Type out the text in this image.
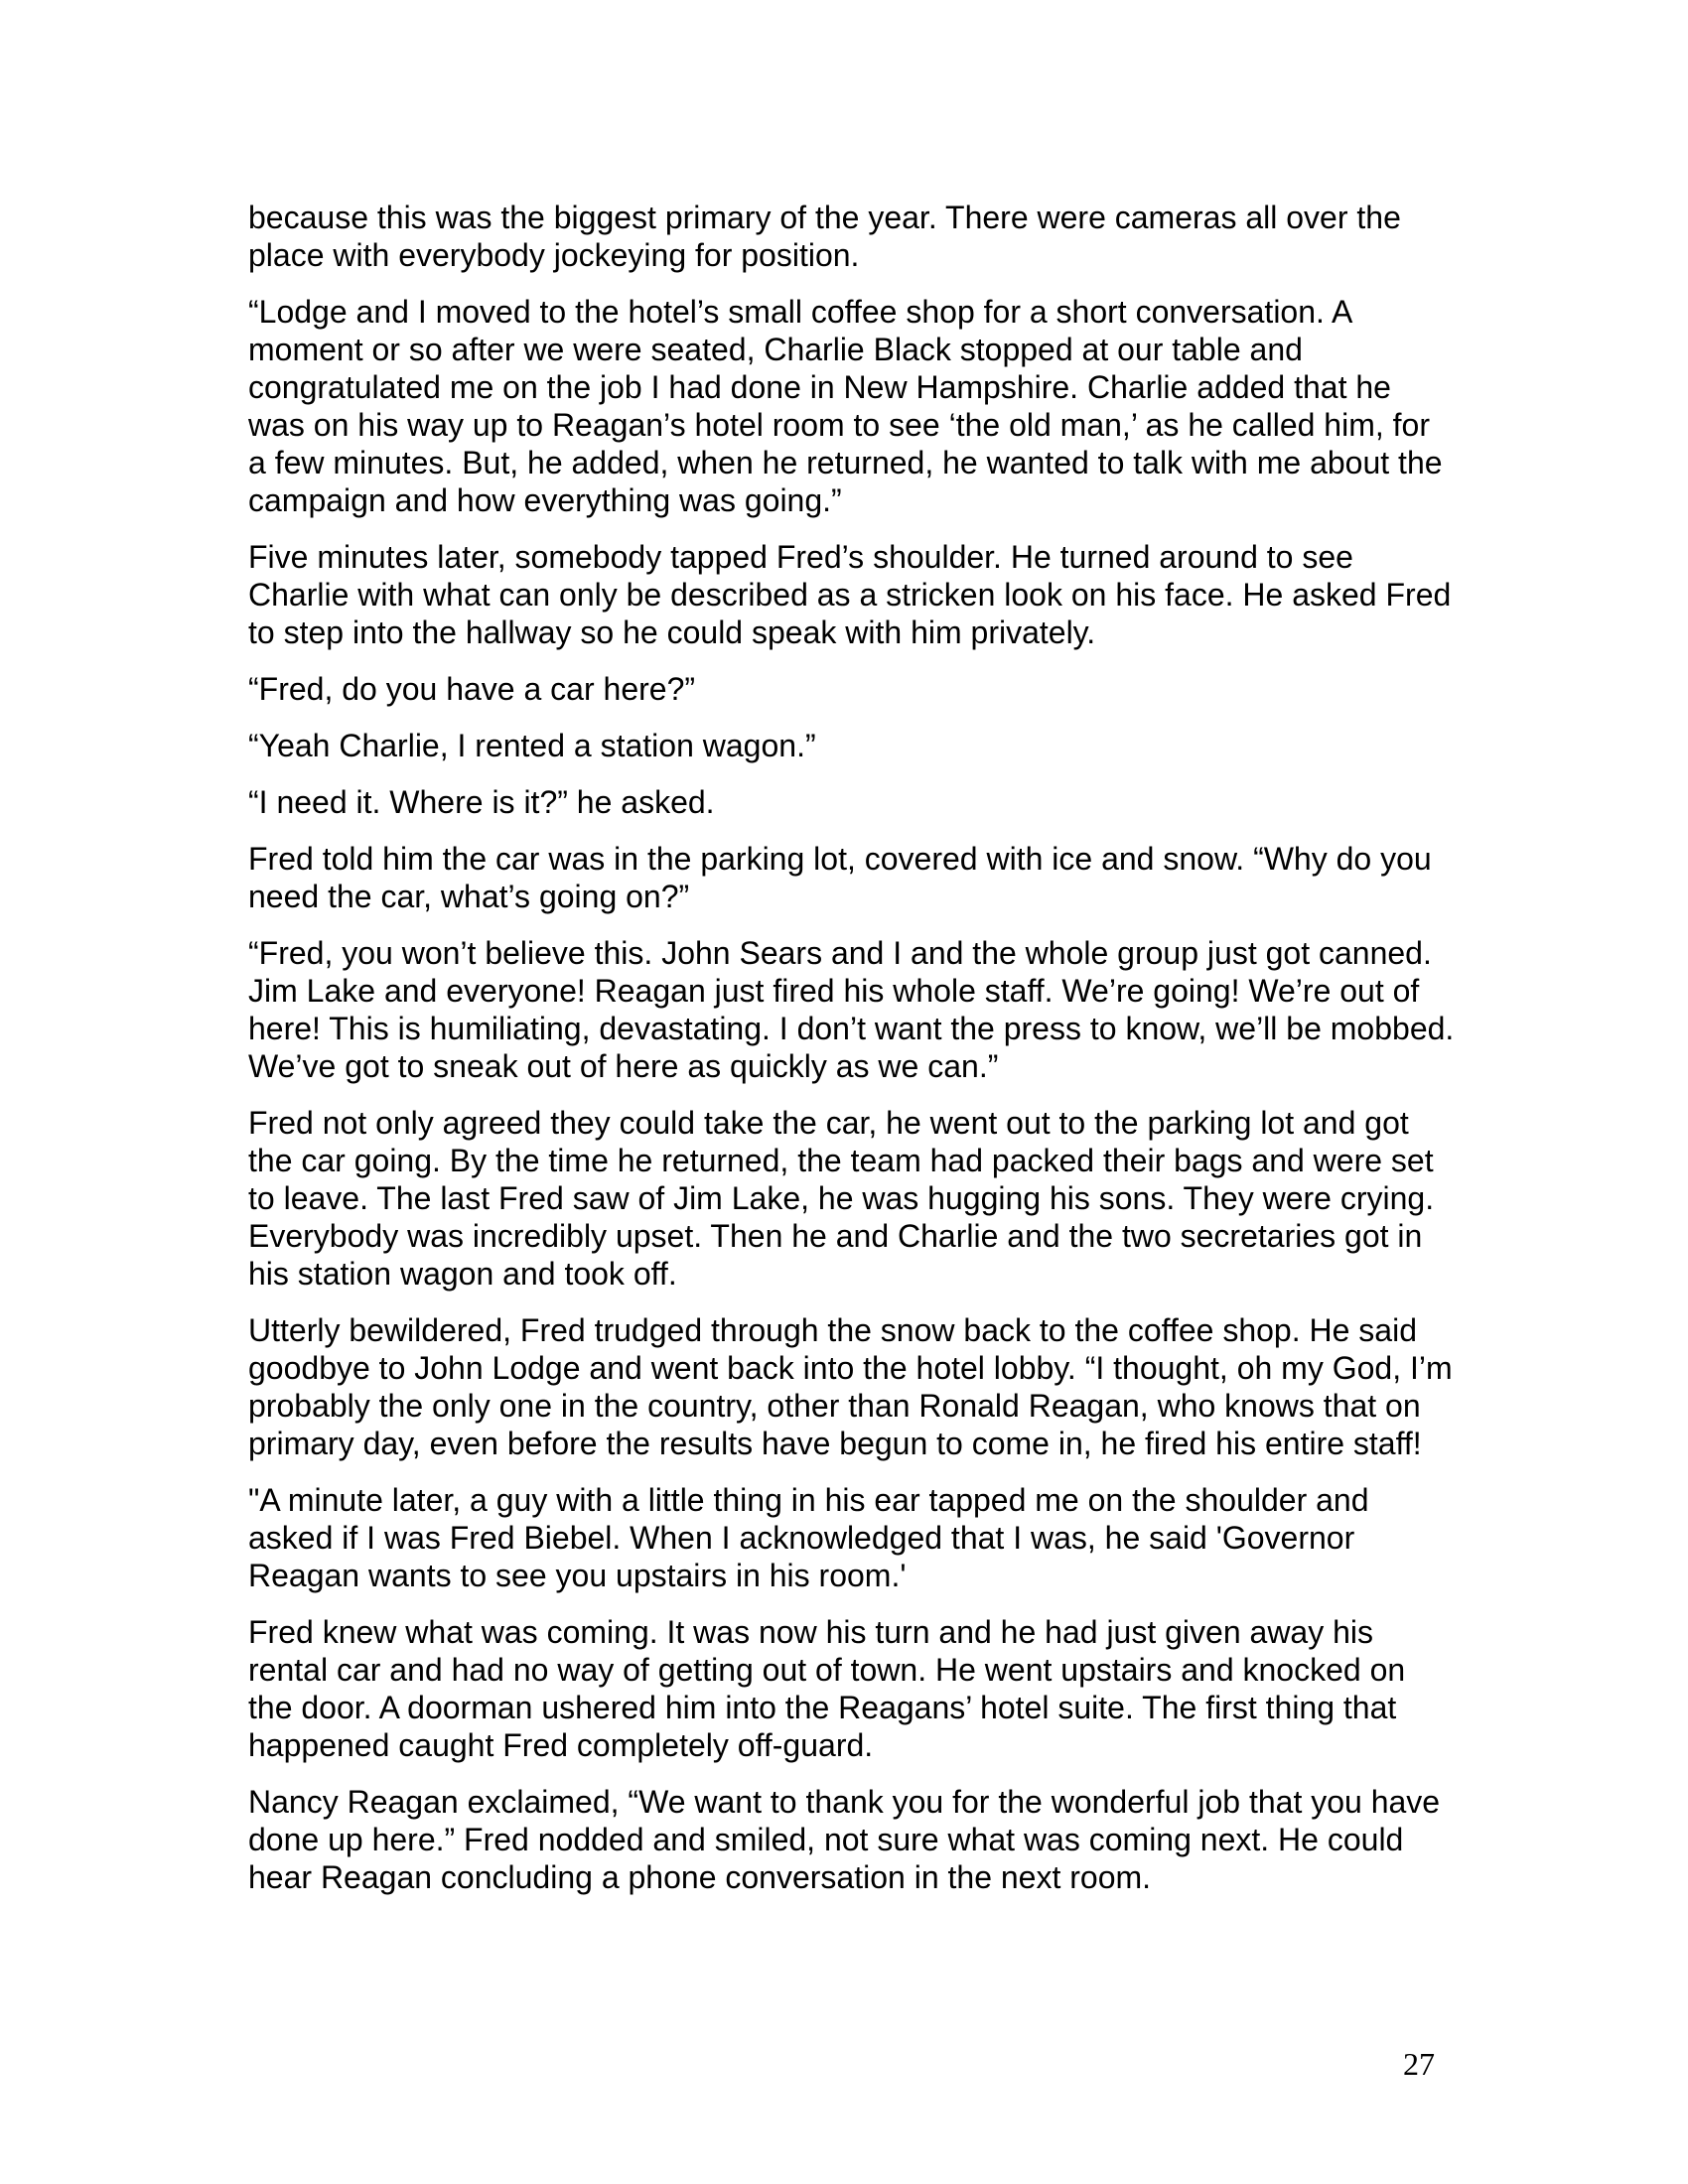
because this was the biggest primary of the year. There were cameras all over the place with everybody jockeying for position.

“Lodge and I moved to the hotel’s small coffee shop for a short conversation. A moment or so after we were seated, Charlie Black stopped at our table and congratulated me on the job I had done in New Hampshire. Charlie added that he was on his way up to Reagan’s hotel room to see ‘the old man,’ as he called him, for a few minutes. But, he added, when he returned, he wanted to talk with me about the campaign and how everything was going.”

Five minutes later, somebody tapped Fred’s shoulder. He turned around to see Charlie with what can only be described as a stricken look on his face. He asked Fred to step into the hallway so he could speak with him privately.

“Fred, do you have a car here?”

“Yeah Charlie, I rented a station wagon.”

“I need it. Where is it?” he asked.

Fred told him the car was in the parking lot, covered with ice and snow. “Why do you need the car, what’s going on?”

“Fred, you won’t believe this. John Sears and I and the whole group just got canned. Jim Lake and everyone! Reagan just fired his whole staff. We’re going! We’re out of here! This is humiliating, devastating. I don’t want the press to know, we’ll be mobbed. We’ve got to sneak out of here as quickly as we can.”

Fred not only agreed they could take the car, he went out to the parking lot and got the car going. By the time he returned, the team had packed their bags and were set to leave. The last Fred saw of Jim Lake, he was hugging his sons. They were crying. Everybody was incredibly upset. Then he and Charlie and the two secretaries got in his station wagon and took off.

Utterly bewildered, Fred trudged through the snow back to the coffee shop. He said goodbye to John Lodge and went back into the hotel lobby. “I thought, oh my God, I’m probably the only one in the country, other than Ronald Reagan, who knows that on primary day, even before the results have begun to come in, he fired his entire staff!

"A minute later, a guy with a little thing in his ear tapped me on the shoulder and asked if I was Fred Biebel. When I acknowledged that I was, he said 'Governor Reagan wants to see you upstairs in his room.'

Fred knew what was coming. It was now his turn and he had just given away his rental car and had no way of getting out of town. He went upstairs and knocked on the door. A doorman ushered him into the Reagans’ hotel suite. The first thing that happened caught Fred completely off-guard.

Nancy Reagan exclaimed, “We want to thank you for the wonderful job that you have done up here.” Fred nodded and smiled, not sure what was coming next. He could hear Reagan concluding a phone conversation in the next room.

27
